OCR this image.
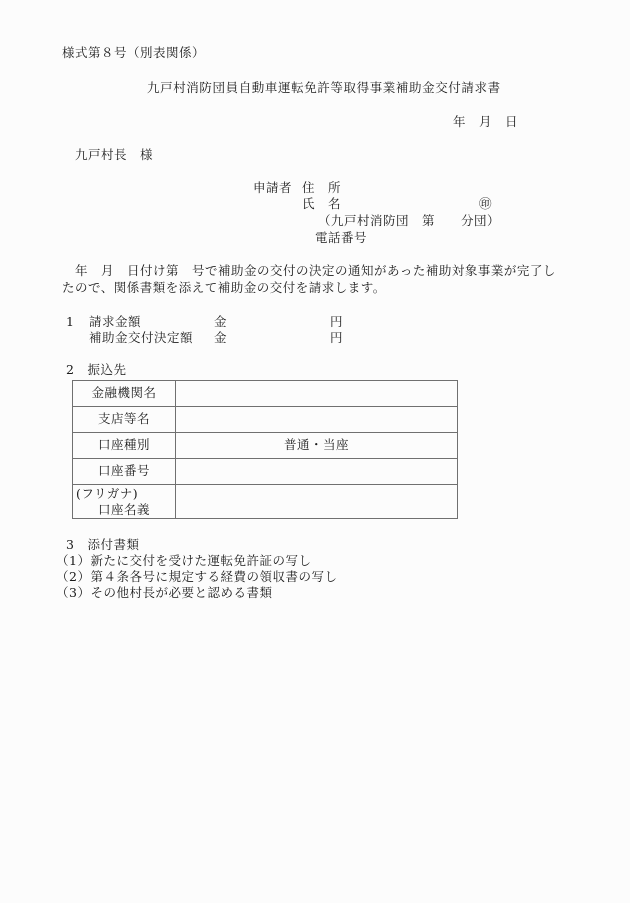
様式第８号（別表関係）
九戸村消防団員自動車運転免許等取得事業補助金交付請求書
年　月　日
九戸村長　様
申請者 住　所
氏　名	㊞
（九戸村消防団　第　　分団）
電話番号
　年　月　日付け第　号で補助金の交付の決定の通知があった補助対象事業が完了し
たので、関係書類を添えて補助金の交付を請求します。
1 請求金額	金	円
補助金交付決定額 金	円
2　振込先
金融機関名	
支店等名	
口座種別	普通・当座
口座番号	

(フリガナ)
口座名義	

3　添付書類
（1）新たに交付を受けた運転免許証の写し
（2）第４条各号に規定する経費の領収書の写し
（3）その他村長が必要と認める書類
